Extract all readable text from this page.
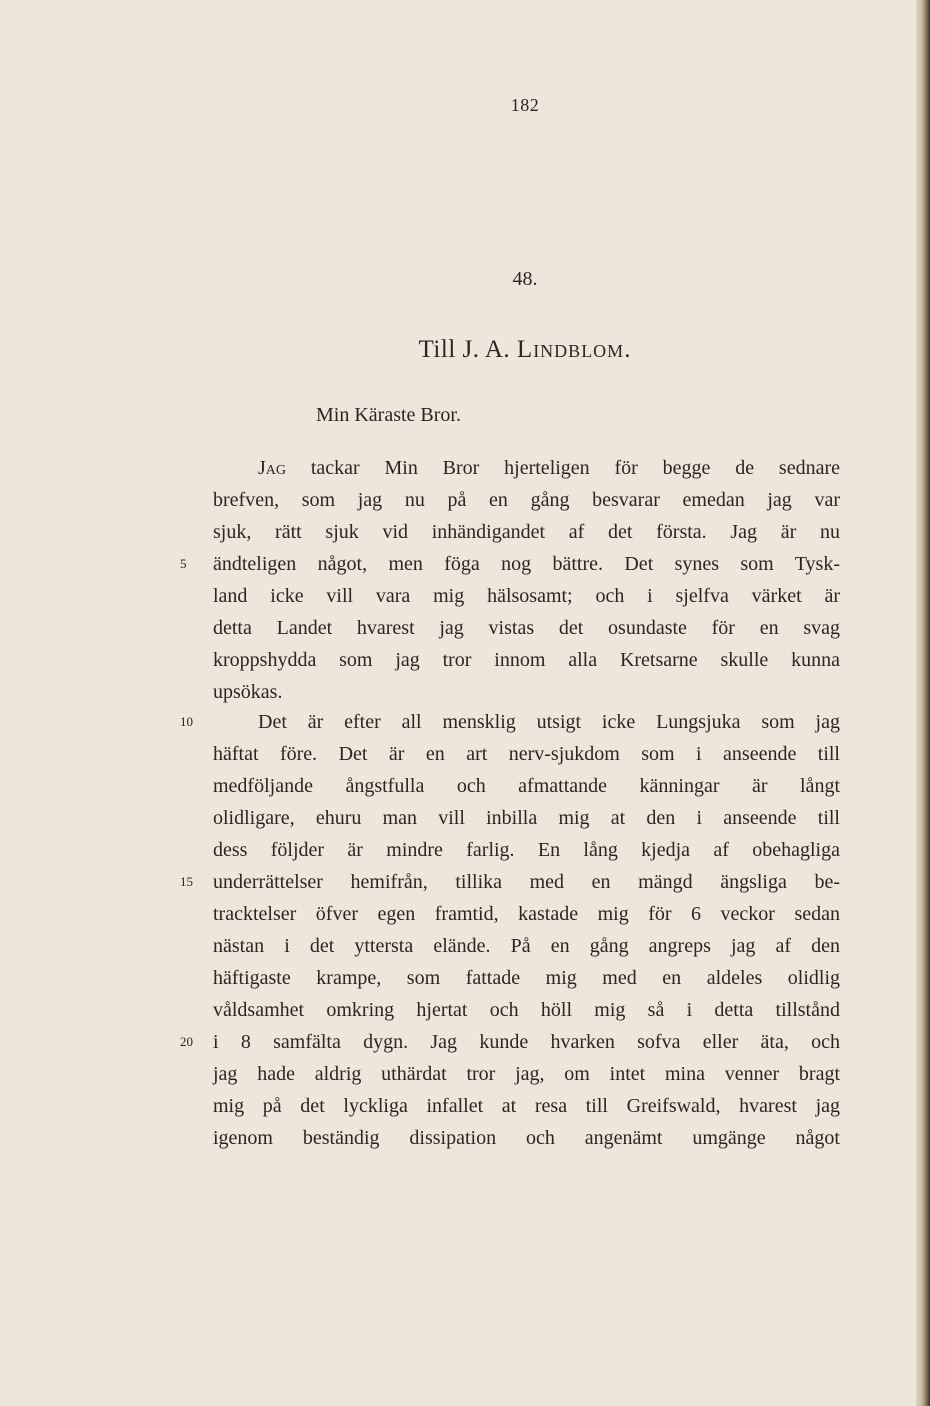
182
48.
Till J. A. Lindblom.
Min Käraste Bror.
Jag tackar Min Bror hjerteligen för begge de sednare
brefven, som jag nu på en gång besvarar emedan jag var
sjuk, rätt sjuk vid inhändigandet af det första. Jag är nu
ändteligen något, men föga nog bättre. Det synes som Tysk-
land icke vill vara mig hälsosamt; och i sjelfva värket är
detta Landet hvarest jag vistas det osundaste för en svag
kroppshydda som jag tror innom alla Kretsarne skulle kunna
upsökas.
Det är efter all mensklig utsigt icke Lungsjuka som jag
häftat före. Det är en art nerv-sjukdom som i anseende till
medföljande ångstfulla och afmattande känningar är långt
olidligare, ehuru man vill inbilla mig at den i anseende till
dess följder är mindre farlig. En lång kjedja af obehagliga
underrättelser hemifrån, tillika med en mängd ängsliga be-
tracktelser öfver egen framtid, kastade mig för 6 veckor sedan
nästan i det yttersta elände. På en gång angreps jag af den
häftigaste krampe, som fattade mig med en aldeles olidlig
våldsamhet omkring hjertat och höll mig så i detta tillstånd
i 8 samfälta dygn. Jag kunde hvarken sofva eller äta, och
jag hade aldrig uthärdat tror jag, om intet mina venner bragt
mig på det lyckliga infallet at resa till Greifswald, hvarest jag
igenom beständig dissipation och angenämt umgänge något
5
10
15
20
